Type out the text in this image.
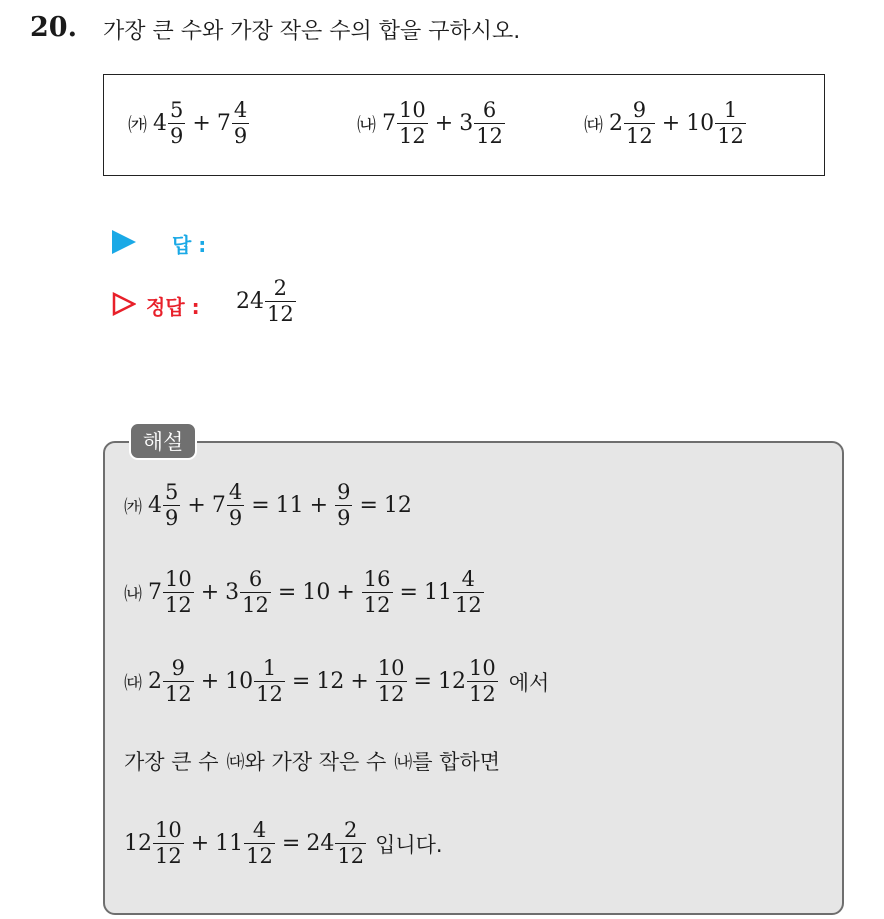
20. 가장 큰 수와 가장 작은 수의 합을 구하시오.
㈎ $4 \frac{5}{9} + 7 \frac{4}{9}$	㈏ $7 \frac{10}{12} + 3 \frac{6}{12}$	㈐ $2 \frac{9}{12} + 10 \frac{1}{12}$
답 :
정답 : $24 \frac{2}{12}$
해설
㈎ $4 \frac{5}{9} + 7 \frac{4}{9} = 11 + \frac{9}{9} = 12$
㈏ $7 \frac{10}{12} + 3 \frac{6}{12} = 10 + \frac{16}{12} = 11 \frac{4}{12}$
㈐ $2 \frac{9}{12} + 10 \frac{1}{12} = 12 + \frac{10}{12} = 12 \frac{10}{12}$ 에서
가장 큰 수 ㈐ 와 가장 작은 수 ㈏ 를 합하면
$12 \frac{10}{12} + 11 \frac{4}{12} = 24 \frac{2}{12}$ 입니다.
